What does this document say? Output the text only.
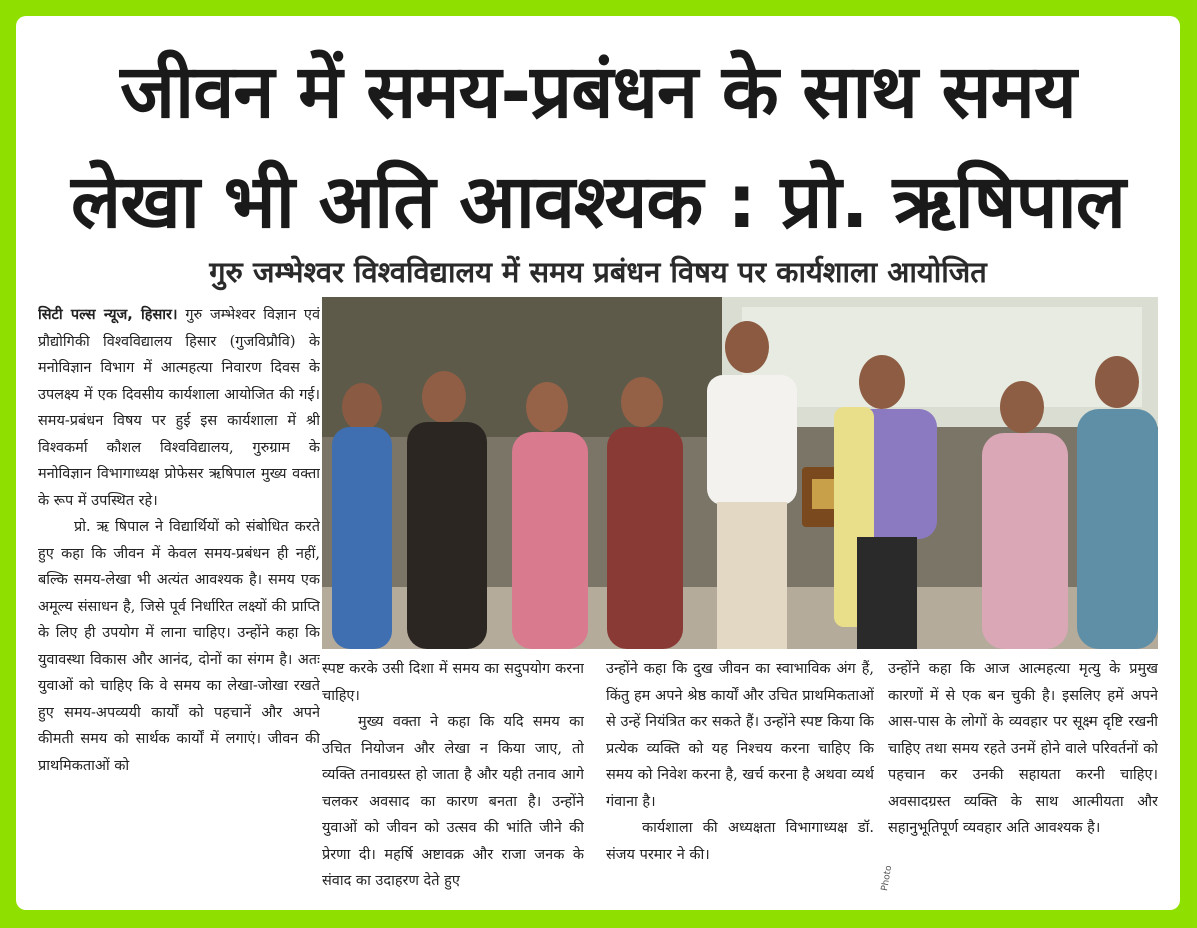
जीवन में समय-प्रबंधन के साथ समय
लेखा भी अति आवश्यक : प्रो. ऋषिपाल
गुरु जम्भेश्वर विश्वविद्यालय में समय प्रबंधन विषय पर कार्यशाला आयोजित

सिटी पल्स न्यूज, हिसार। गुरु जम्भेश्वर विज्ञान एवं प्रौद्योगिकी विश्वविद्यालय हिसार (गुजविप्रौवि) के मनोविज्ञान विभाग में आत्महत्या निवारण दिवस के उपलक्ष्य में एक दिवसीय कार्यशाला आयोजित की गई। समय-प्रबंधन विषय पर हुई इस कार्यशाला में श्री विश्वकर्मा कौशल विश्वविद्यालय, गुरुग्राम के मनोविज्ञान विभागाध्यक्ष प्रोफेसर ऋषिपाल मुख्य वक्ता के रूप में उपस्थित रहे।

प्रो. ऋ षिपाल ने विद्यार्थियों को संबोधित करते हुए कहा कि जीवन में केवल समय-प्रबंधन ही नहीं, बल्कि समय-लेखा भी अत्यंत आवश्यक है। समय एक अमूल्य संसाधन है, जिसे पूर्व निर्धारित लक्ष्यों की प्राप्ति के लिए ही उपयोग में लाना चाहिए। उन्होंने कहा कि युवावस्था विकास और आनंद, दोनों का संगम है। अतः युवाओं को चाहिए कि वे समय का लेखा-जोखा रखते हुए समय-अपव्ययी कार्यों को पहचानें और अपने कीमती समय को सार्थक कार्यों में लगाएं। जीवन की प्राथमिकताओं को

स्पष्ट करके उसी दिशा में समय का सदुपयोग करना चाहिए।

मुख्य वक्ता ने कहा कि यदि समय का उचित नियोजन और लेखा न किया जाए, तो व्यक्ति तनावग्रस्त हो जाता है और यही तनाव आगे चलकर अवसाद का कारण बनता है। उन्होंने युवाओं को जीवन को उत्सव की भांति जीने की प्रेरणा दी। महर्षि अष्टावक्र और राजा जनक के संवाद का उदाहरण देते हुए

उन्होंने कहा कि दुख जीवन का स्वाभाविक अंग हैं, किंतु हम अपने श्रेष्ठ कार्यों और उचित प्राथमिकताओं से उन्हें नियंत्रित कर सकते हैं। उन्होंने स्पष्ट किया कि प्रत्येक व्यक्ति को यह निश्चय करना चाहिए कि समय को निवेश करना है, खर्च करना है अथवा व्यर्थ गंवाना है।

कार्यशाला की अध्यक्षता विभागाध्यक्ष डॉ. संजय परमार ने की।

उन्होंने कहा कि आज आत्महत्या मृत्यु के प्रमुख कारणों में से एक बन चुकी है। इसलिए हमें अपने आस-पास के लोगों के व्यवहार पर सूक्ष्म दृष्टि रखनी चाहिए तथा समय रहते उनमें होने वाले परिवर्तनों को पहचान कर उनकी सहायता करनी चाहिए। अवसादग्रस्त व्यक्ति के साथ आत्मीयता और सहानुभूतिपूर्ण व्यवहार अति आवश्यक है।

Photo
